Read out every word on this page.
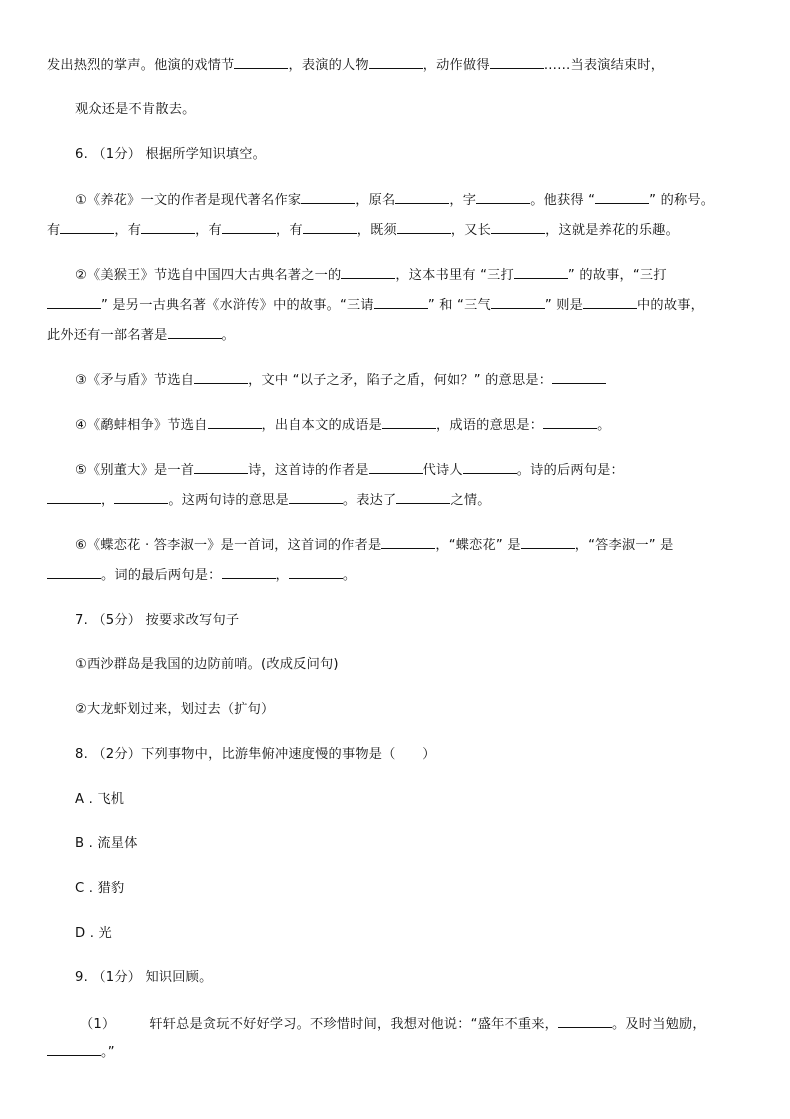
发出热烈的掌声。他演的戏情节	，表演的人物	，动作做得	……当表演结束时，
观众还是不肯散去。
6. （1分） 根据所学知识填空。
①《养花》一文的作者是现代著名作家	，原名	，字	。他获得 “	” 的称号。
有	，有	，有	，有	，既须	，又长	，这就是养花的乐趣。
②《美猴王》节选自中国四大古典名著之一的	，这本书里有 “三打	” 的故事，“三打
” 是另一古典名著《水浒传》中的故事。“三请	” 和 “三气	” 则是	中的故事，
此外还有一部名著是	。
③《矛与盾》节选自	，文中 “以子之矛，陷子之盾，何如？” 的意思是：
④《鹬蚌相争》节选自	，出自本文的成语是	，成语的意思是：	。
⑤《别董大》是一首	诗，这首诗的作者是	代诗人	。诗的后两句是：
，	。这两句诗的意思是	。表达了	之情。
⑥《蝶恋花 · 答李淑一》是一首词，这首词的作者是	，“蝶恋花” 是	，“答李淑一” 是
。词的最后两句是：	，	。
7. （5分） 按要求改写句子
①西沙群岛是我国的边防前哨。(改成反问句)
②大龙虾划过来，划过去（扩句）
8. （2分）下列事物中，比游隼俯冲速度慢的事物是（　　）
A . 飞机
B . 流星体
C . 猎豹
D . 光
9. （1分） 知识回顾。
（1）	轩轩总是贪玩不好好学习。不珍惜时间，我想对他说：“盛年不重来，	。及时当勉励，
。”
